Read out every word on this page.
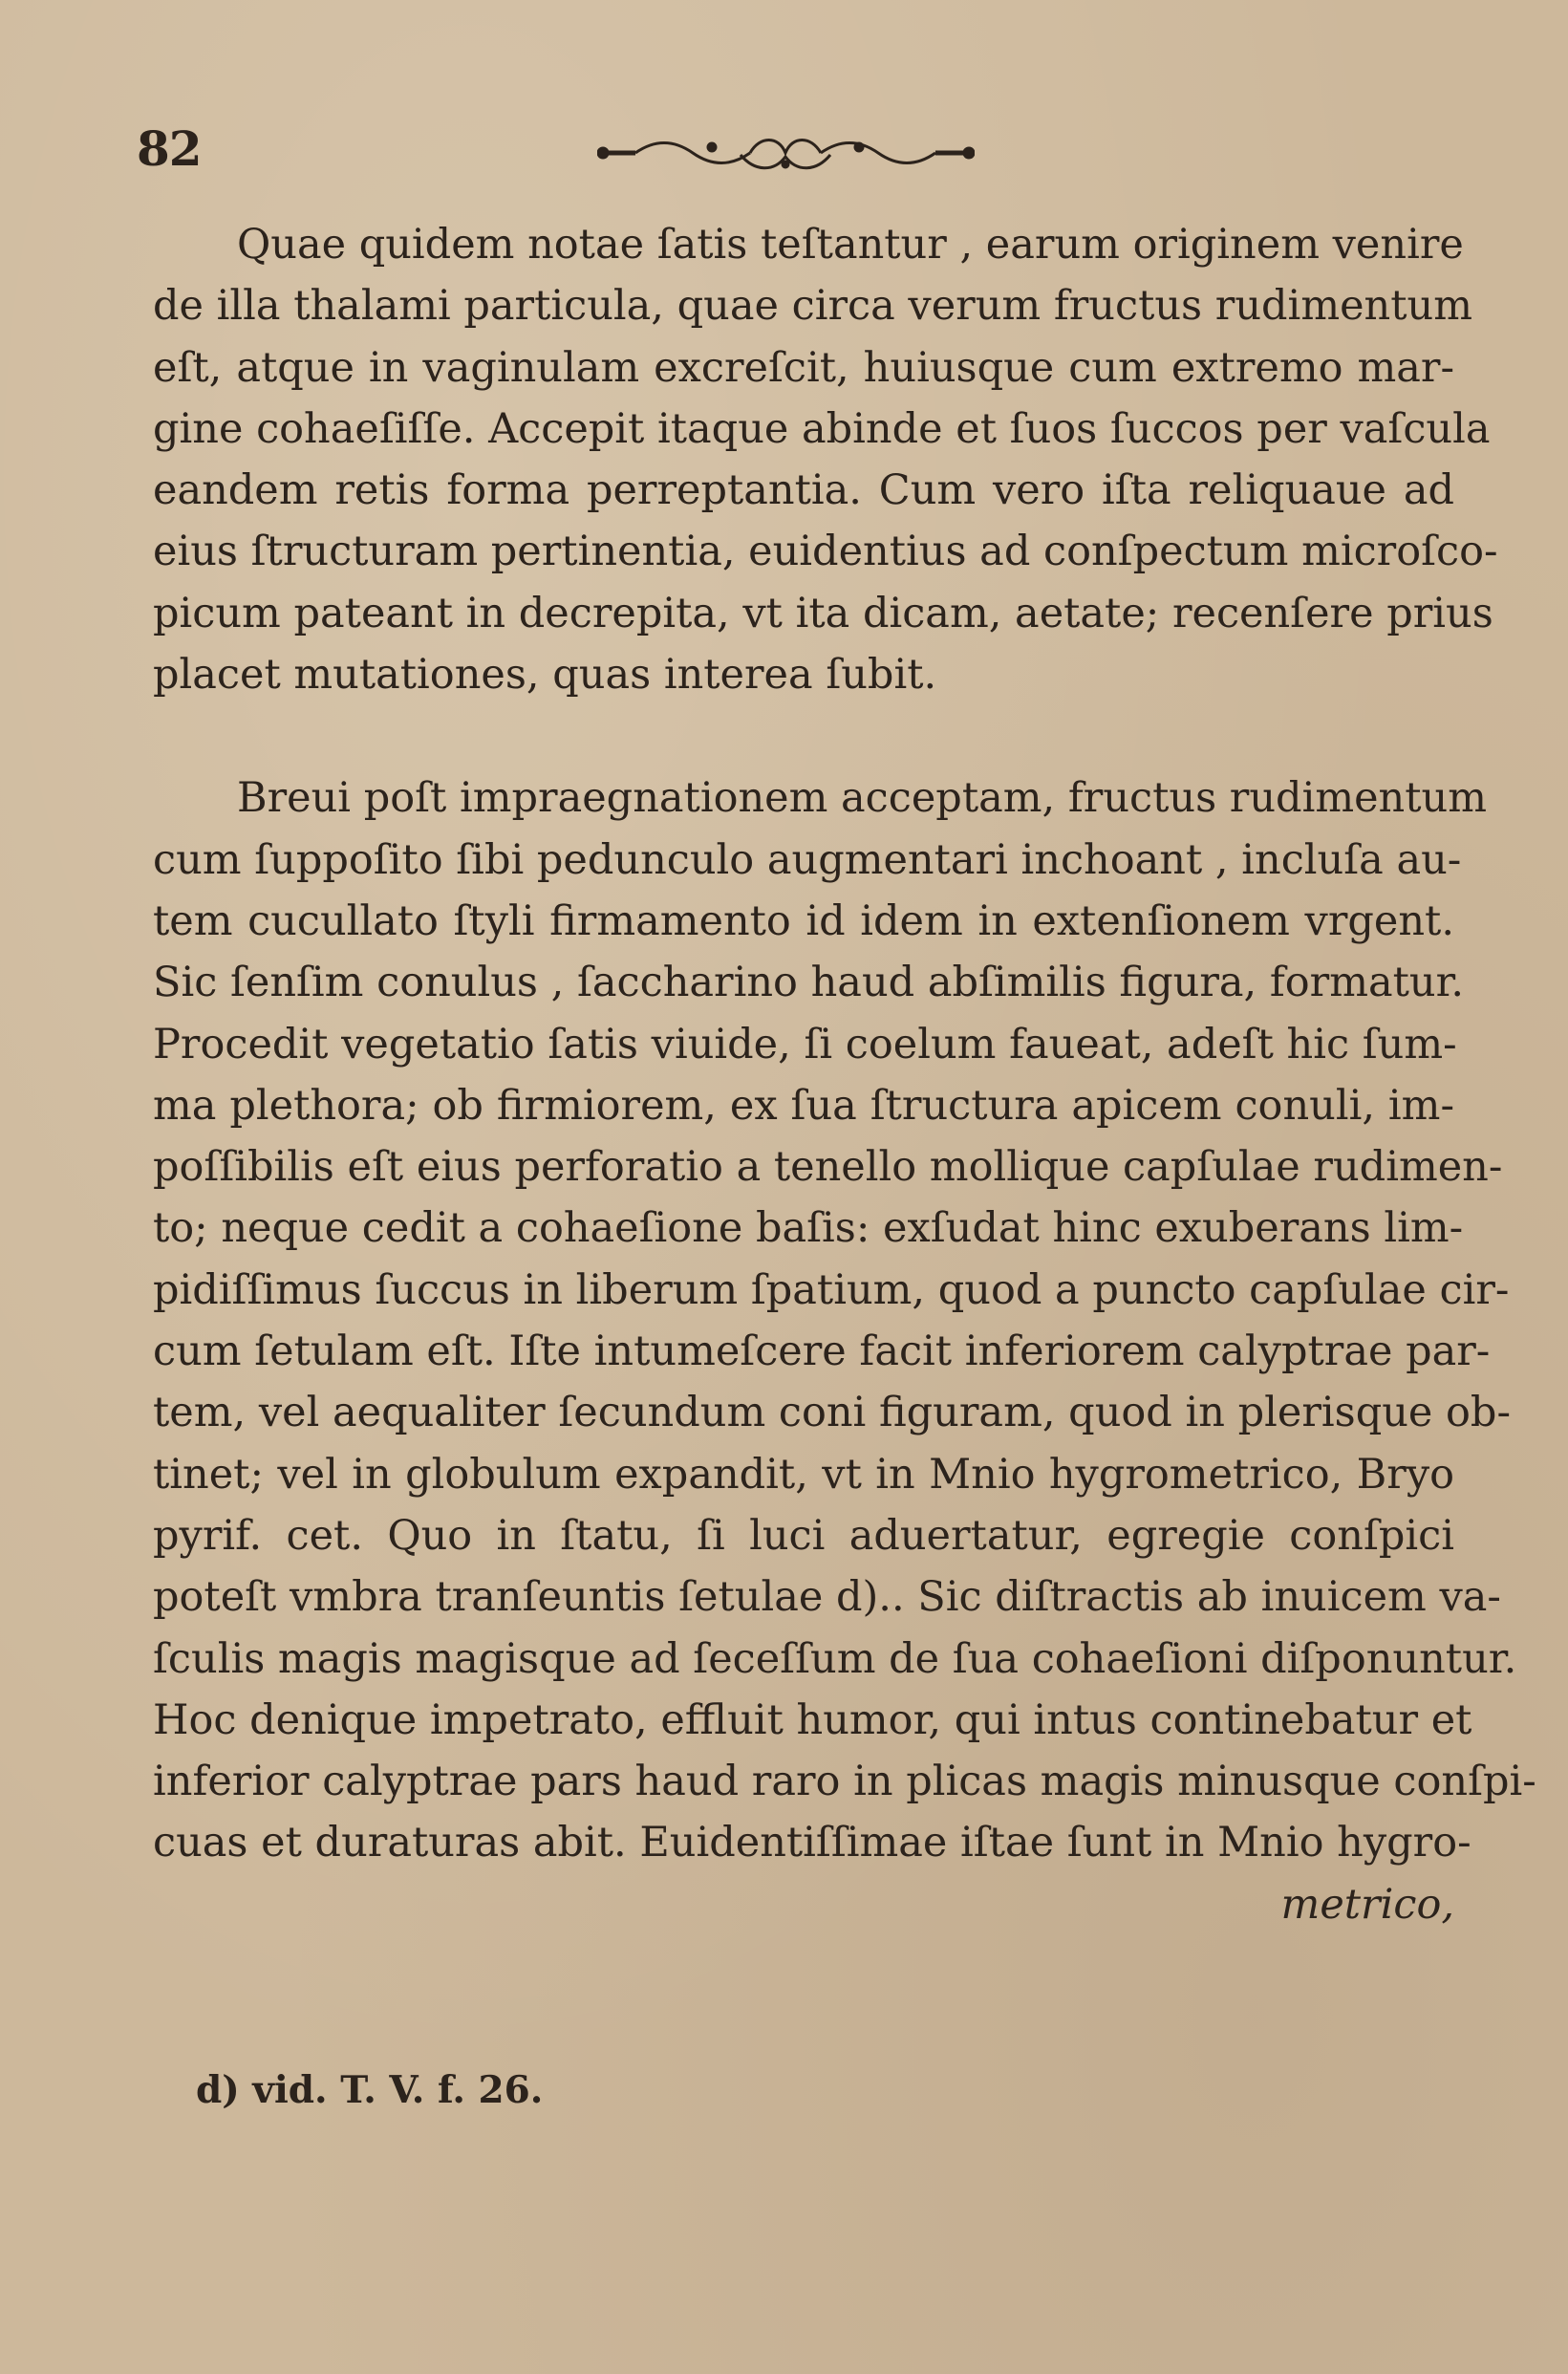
82

Quae quidem notae ſatis teſtantur , earum originem venire

de illa thalami particula, quae circa verum fructus rudimentum

eſt, atque in vaginulam excreſcit, huiusque cum extremo mar-

gine cohaeſiſſe. Accepit itaque abinde et ſuos ſuccos per vaſcula

eandem retis forma perreptantia. Cum vero iſta reliquaue ad

eius ſtructuram pertinentia, euidentius ad conſpectum microſco-

picum pateant in decrepita, vt ita dicam, aetate; recenſere prius

placet mutationes, quas interea ſubit.

Breui poſt impraegnationem acceptam, fructus rudimentum

cum ſuppoſito ſibi pedunculo augmentari inchoant , incluſa au-

tem cucullato ſtyli firmamento id idem in extenſionem vrgent.

Sic ſenſim conulus , ſaccharino haud abſimilis figura, formatur.

Procedit vegetatio ſatis viuide, ſi coelum faueat, adeſt hic ſum-

ma plethora; ob firmiorem, ex ſua ſtructura apicem conuli, im-

poſſibilis eſt eius perforatio a tenello mollique capſulae rudimen-

to; neque cedit a cohaeſione baſis: exſudat hinc exuberans lim-

pidiſſimus ſuccus in liberum ſpatium, quod a puncto capſulae cir-

cum ſetulam eſt. Iſte intumeſcere facit inferiorem calyptrae par-

tem, vel aequaliter ſecundum coni figuram, quod in plerisque ob-

tinet; vel in globulum expandit, vt in Mnio hygrometrico, Bryo

pyrif. cet. Quo in ſtatu, ſi luci aduertatur, egregie conſpici

poteſt vmbra tranſeuntis ſetulae d).. Sic diſtractis ab inuicem va-

ſculis magis magisque ad ſeceſſum de ſua cohaeſioni diſponuntur.

Hoc denique impetrato, effluit humor, qui intus continebatur et

inferior calyptrae pars haud raro in plicas magis minusque conſpi-

cuas et duraturas abit. Euidentiſſimae iſtae ſunt in Mnio hygro-

metrico,

d) vid. T. V. f. 26.
